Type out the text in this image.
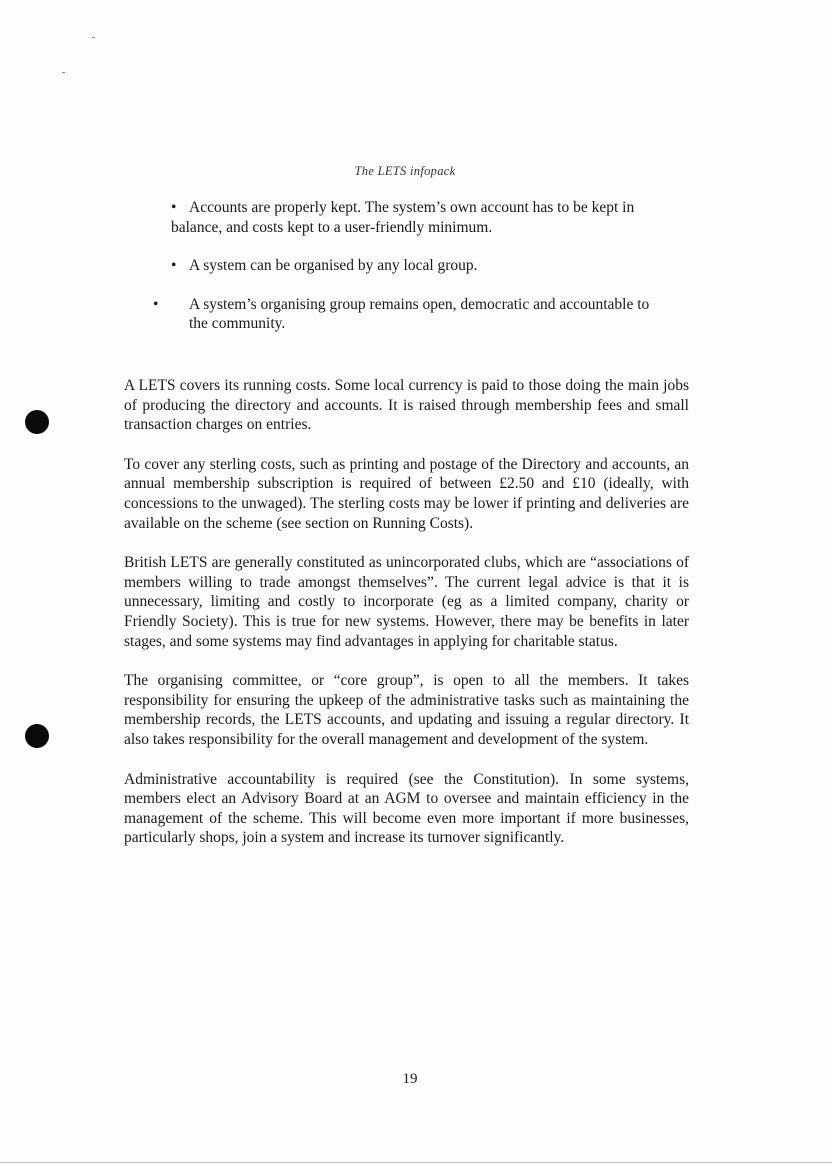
The LETS infopack
• Accounts are properly kept. The system’s own account has to be kept in balance, and costs kept to a user-friendly minimum.
• A system can be organised by any local group.
• A system’s organising group remains open, democratic and accountable to the community.

A LETS covers its running costs. Some local currency is paid to those doing the main jobs of producing the directory and accounts. It is raised through membership fees and small transaction charges on entries.

To cover any sterling costs, such as printing and postage of the Directory and accounts, an annual membership subscription is required of between £2.50 and £10 (ideally, with concessions to the unwaged). The sterling costs may be lower if printing and deliveries are available on the scheme (see section on Running Costs).

British LETS are generally constituted as unincorporated clubs, which are “associations of members willing to trade amongst themselves”. The current legal advice is that it is unnecessary, limiting and costly to incorporate (eg as a limited company, charity or Friendly Society). This is true for new systems. However, there may be benefits in later stages, and some systems may find advantages in applying for charitable status.

The organising committee, or “core group”, is open to all the members. It takes responsibility for ensuring the upkeep of the administrative tasks such as maintaining the membership records, the LETS accounts, and updating and issuing a regular directory. It also takes responsibility for the overall management and development of the system.

Administrative accountability is required (see the Constitution). In some systems, members elect an Advisory Board at an AGM to oversee and maintain efficiency in the management of the scheme. This will become even more important if more businesses, particularly shops, join a system and increase its turnover significantly.

19
